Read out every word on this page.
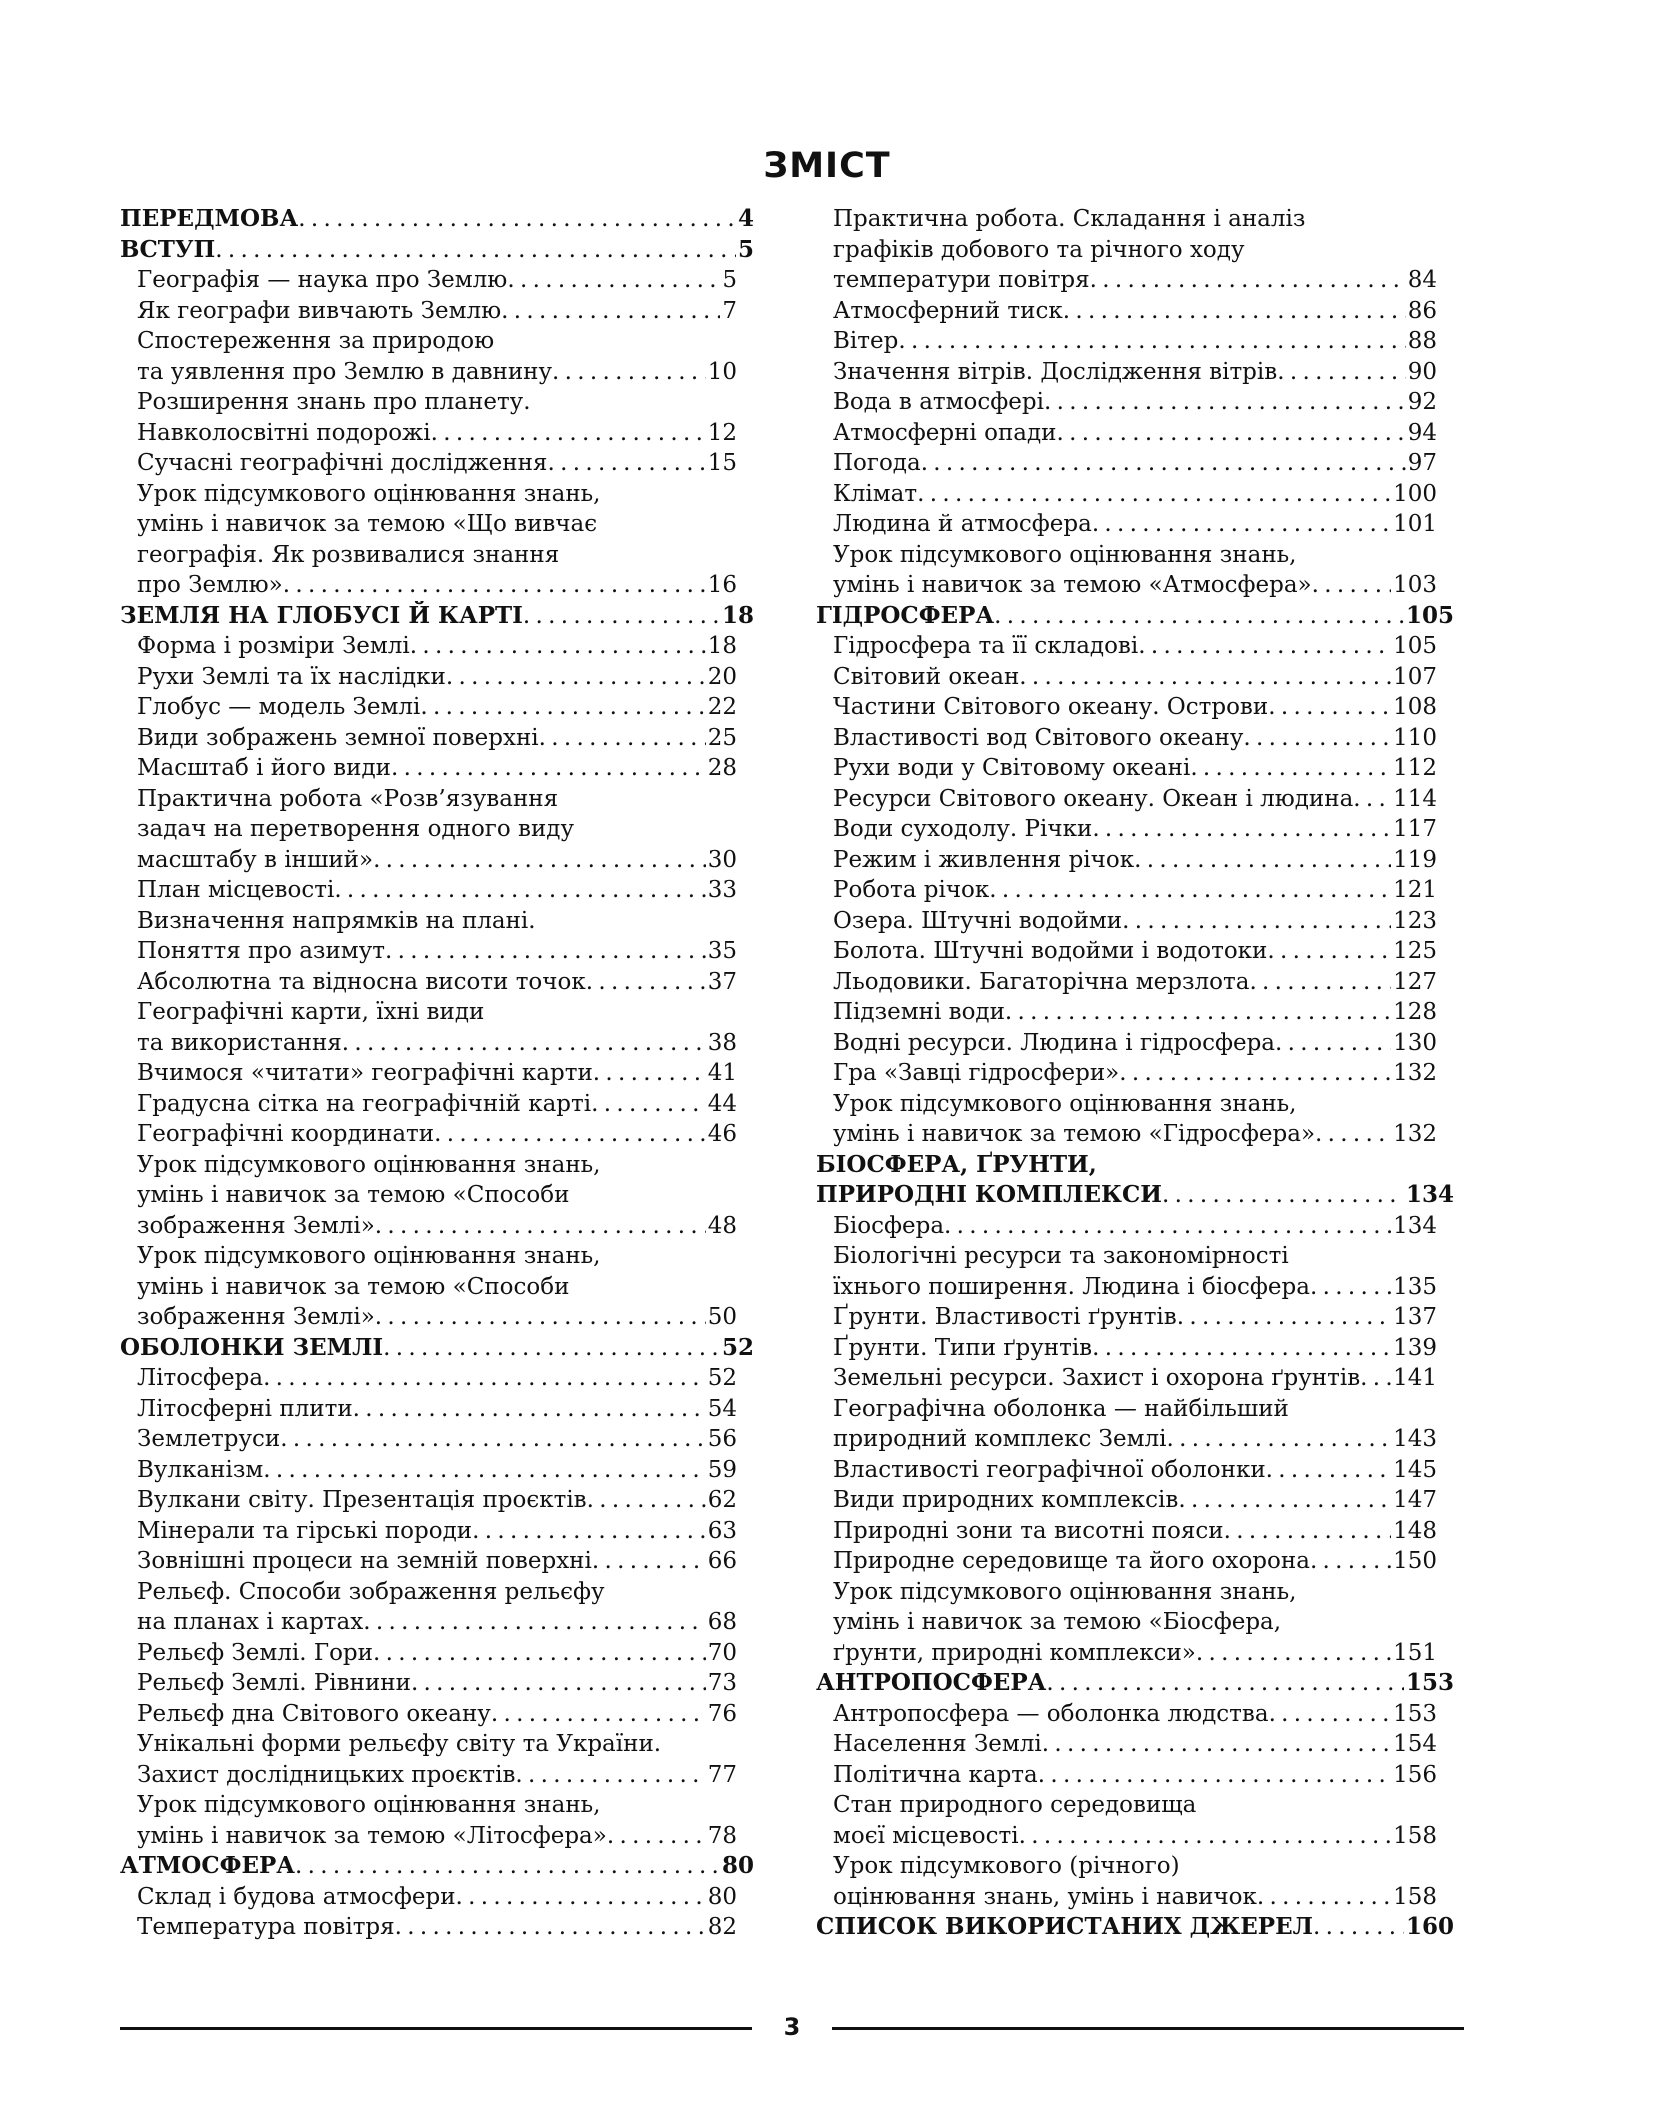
ЗМІСТ
ПЕРЕДМОВА . . .	4
ВСТУП . . .	5
Географія — наука про Землю . . .	5
Як географи вивчають Землю . . .	7
Спостереження за природою
та уявлення про Землю в давнину . . .	10
Розширення знань про планету.
Навколосвітні подорожі . . .	12
Сучасні географічні дослідження . . .	15
Урок підсумкового оцінювання знань,
умінь і навичок за темою «Що вивчає
географія. Як розвивалися знання
про Землю» . . .	16
ЗЕМЛЯ НА ГЛОБУСІ Й КАРТІ . . .	18
Форма і розміри Землі . . .	18
Рухи Землі та їх наслідки . . .	20
Глобус — модель Землі . . .	22
Види зображень земної поверхні . . .	25
Масштаб і його види . . .	28
Практична робота «Розв’язування
задач на перетворення одного виду
масштабу в інший» . . .	30
План місцевості . . .	33
Визначення напрямків на плані.
Поняття про азимут . . .	35
Абсолютна та відносна висоти точок . . .	37
Географічні карти, їхні види
та використання . . .	38
Вчимося «читати» географічні карти . . .	41
Градусна сітка на географічній карті . . .	44
Географічні координати . . .	46
Урок підсумкового оцінювання знань,
умінь і навичок за темою «Способи
зображення Землі» . . .	48
Урок підсумкового оцінювання знань,
умінь і навичок за темою «Способи
зображення Землі» . . .	50
ОБОЛОНКИ ЗЕМЛІ . . .	52
Літосфера . . .	52
Літосферні плити . . .	54
Землетруси . . .	56
Вулканізм . . .	59
Вулкани світу. Презентація проєктів . . .	62
Мінерали та гірські породи . . .	63
Зовнішні процеси на земній поверхні . . .	66
Рельєф. Способи зображення рельєфу
на планах і картах . . .	68
Рельєф Землі. Гори . . .	70
Рельєф Землі. Рівнини . . .	73
Рельєф дна Світового океану . . .	76
Унікальні форми рельєфу світу та України.
Захист дослідницьких проєктів . . .	77
Урок підсумкового оцінювання знань,
умінь і навичок за темою «Літосфера» . . .	78
АТМОСФЕРА . . .	80
Склад і будова атмосфери . . .	80
Температура повітря . . .	82
Практична робота. Складання і аналіз
графіків добового та річного ходу
температури повітря . . .	84
Атмосферний тиск . . .	86
Вітер . . .	88
Значення вітрів. Дослідження вітрів . . .	90
Вода в атмосфері . . .	92
Атмосферні опади . . .	94
Погода . . .	97
Клімат . . .	100
Людина й атмосфера . . .	101
Урок підсумкового оцінювання знань,
умінь і навичок за темою «Атмосфера» . . .	103
ГІДРОСФЕРА . . .	105
Гідросфера та її складові . . .	105
Світовий океан . . .	107
Частини Світового океану. Острови . . .	108
Властивості вод Світового океану . . .	110
Рухи води у Світовому океані . . .	112
Ресурси Світового океану. Океан і людина . . . 114
Води суходолу. Річки . . .	117
Режим і живлення річок . . .	119
Робота річок . . .	121
Озера. Штучні водойми . . .	123
Болота. Штучні водойми і водотоки . . .	125
Льодовики. Багаторічна мерзлота . . .	127
Підземні води . . .	128
Водні ресурси. Людина і гідросфера . . .	130
Гра «Завці гідросфери» . . .	132
Урок підсумкового оцінювання знань,
умінь і навичок за темою «Гідросфера» . . .	132
БІОСФЕРА, ҐРУНТИ,
ПРИРОДНІ КОМПЛЕКСИ . . .	134
Біосфера . . .	134
Біологічні ресурси та закономірності
їхнього поширення. Людина і біосфера . . .	135
Ґрунти. Властивості ґрунтів . . .	137
Ґрунти. Типи ґрунтів . . .	139
Земельні ресурси. Захист і охорона ґрунтів . . . 141
Географічна оболонка — найбільший
природний комплекс Землі . . .	143
Властивості географічної оболонки . . .	145
Види природних комплексів . . .	147
Природні зони та висотні пояси . . .	148
Природне середовище та його охорона . . .	150
Урок підсумкового оцінювання знань,
умінь і навичок за темою «Біосфера,
ґрунти, природні комплекси» . . .	151
АНТРОПОСФЕРА . . .	153
Антропосфера — оболонка людства . . .	153
Населення Землі . . .	154
Політична карта . . .	156
Стан природного середовища
моєї місцевості . . .	158
Урок підсумкового (річного)
оцінювання знань, умінь і навичок . . .	158
СПИСОК ВИКОРИСТАНИХ ДЖЕРЕЛ . . .	160
3
